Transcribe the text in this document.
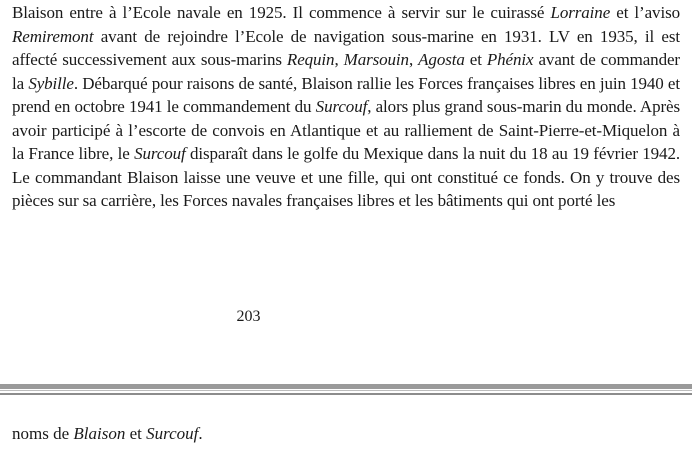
Blaison entre à l’Ecole navale en 1925. Il commence à servir sur le cuirassé Lorraine et l’aviso Remiremont avant de rejoindre l’Ecole de navigation sous-marine en 1931. LV en 1935, il est affecté successivement aux sous-marins Requin, Marsouin, Agosta et Phénix avant de commander la Sybille. Débarqué pour raisons de santé, Blaison rallie les Forces françaises libres en juin 1940 et prend en octobre 1941 le commandement du Surcouf, alors plus grand sous-marin du monde. Après avoir participé à l’escorte de convois en Atlantique et au ralliement de Saint-Pierre-et-Miquelon à la France libre, le Surcouf disparaît dans le golfe du Mexique dans la nuit du 18 au 19 février 1942. Le commandant Blaison laisse une veuve et une fille, qui ont constitué ce fonds. On y trouve des pièces sur sa carrière, les Forces navales françaises libres et les bâtiments qui ont porté les

203

noms de Blaison et Surcouf.
